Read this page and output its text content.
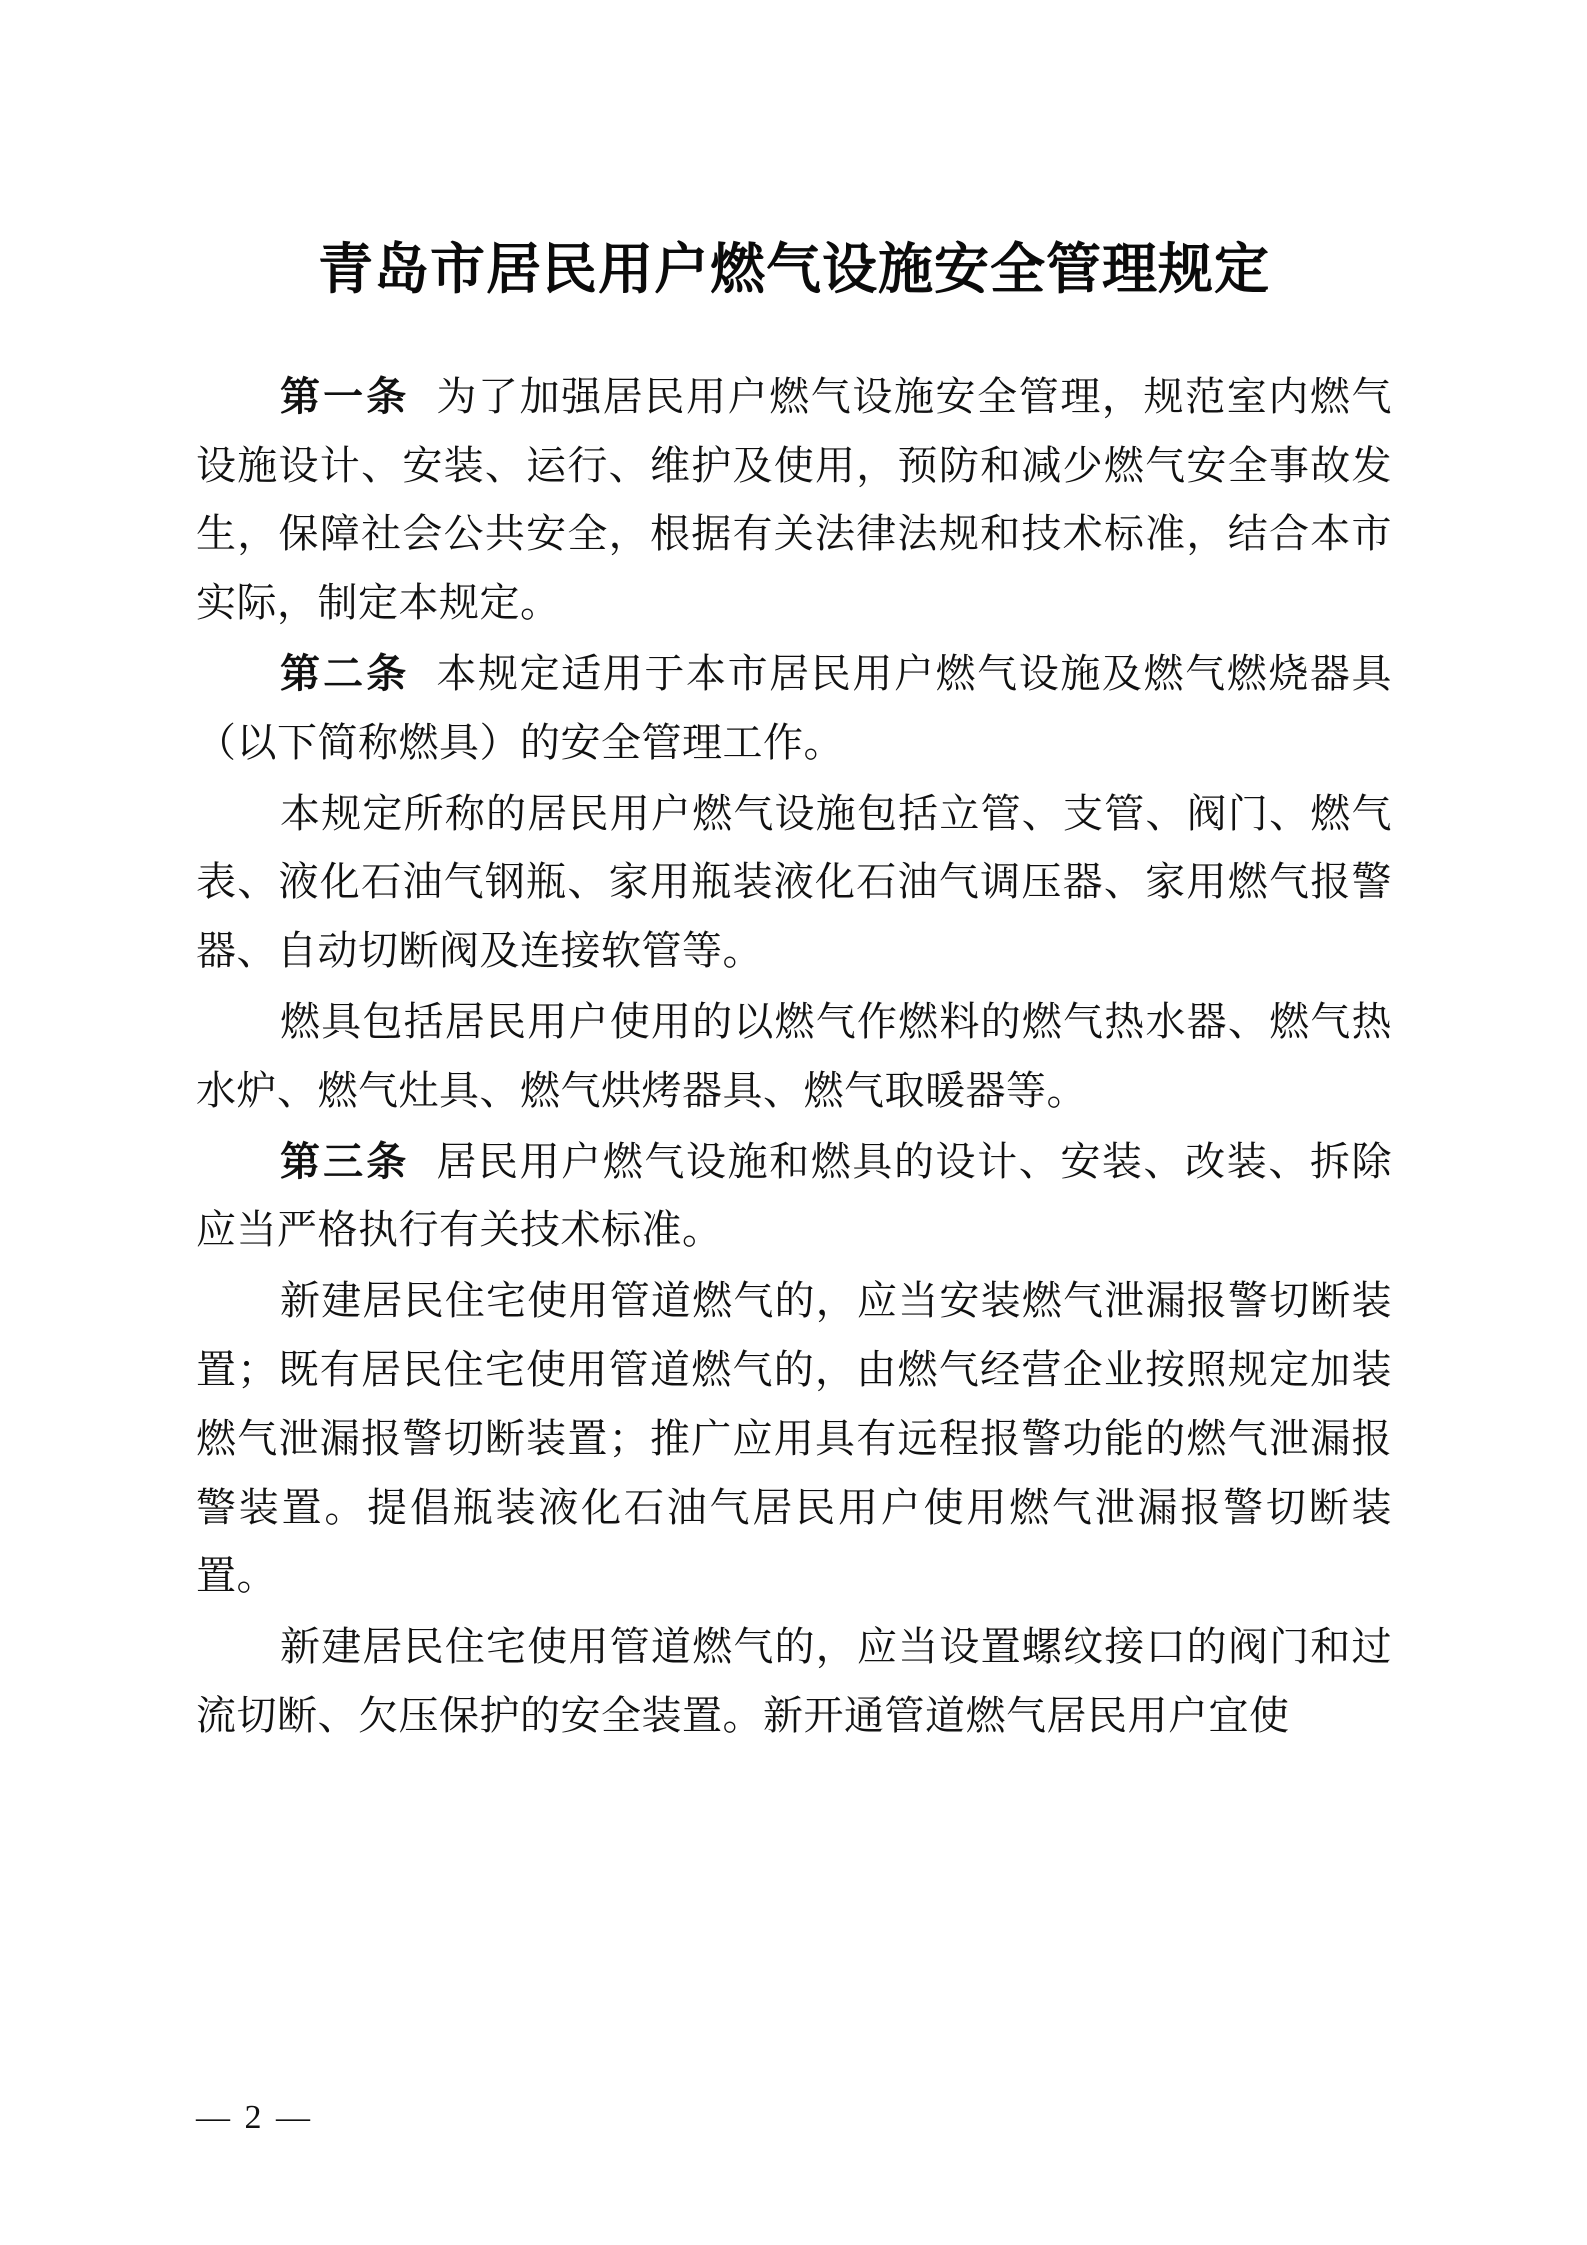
青岛市居民用户燃气设施安全管理规定

第一条 为了加强居民用户燃气设施安全管理，规范室内燃气设施设计、安装、运行、维护及使用，预防和减少燃气安全事故发生，保障社会公共安全，根据有关法律法规和技术标准，结合本市实际，制定本规定。

第二条 本规定适用于本市居民用户燃气设施及燃气燃烧器具（以下简称燃具）的安全管理工作。

本规定所称的居民用户燃气设施包括立管、支管、阀门、燃气表、液化石油气钢瓶、家用瓶装液化石油气调压器、家用燃气报警器、自动切断阀及连接软管等。

燃具包括居民用户使用的以燃气作燃料的燃气热水器、燃气热水炉、燃气灶具、燃气烘烤器具、燃气取暖器等。

第三条 居民用户燃气设施和燃具的设计、安装、改装、拆除应当严格执行有关技术标准。

新建居民住宅使用管道燃气的，应当安装燃气泄漏报警切断装置；既有居民住宅使用管道燃气的，由燃气经营企业按照规定加装燃气泄漏报警切断装置；推广应用具有远程报警功能的燃气泄漏报警装置。提倡瓶装液化石油气居民用户使用燃气泄漏报警切断装置。

新建居民住宅使用管道燃气的，应当设置螺纹接口的阀门和过流切断、欠压保护的安全装置。新开通管道燃气居民用户宜使

— 2 —
